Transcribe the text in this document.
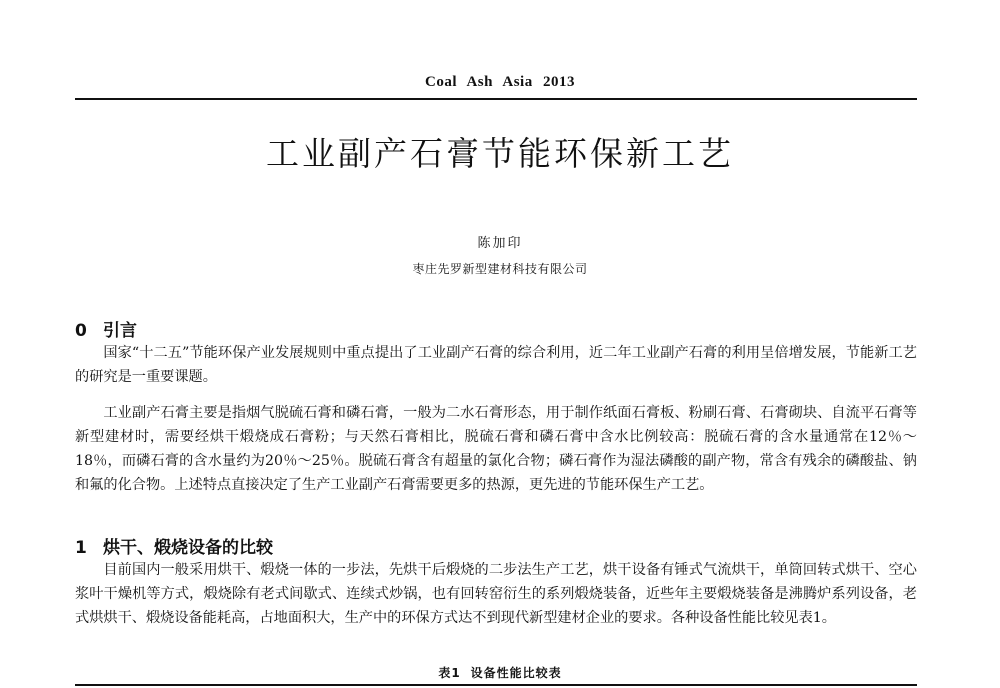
Coal Ash Asia 2013
工业副产石膏节能环保新工艺
陈加印
枣庄先罗新型建材科技有限公司
0 引言

国家“十二五”节能环保产业发展规则中重点提出了工业副产石膏的综合利用，近二年工业副产石膏的利用呈倍增发展，节能新工艺的研究是一重要课题。

工业副产石膏主要是指烟气脱硫石膏和磷石膏，一般为二水石膏形态，用于制作纸面石膏板、粉刷石膏、石膏砌块、自流平石膏等新型建材时，需要经烘干煅烧成石膏粉；与天然石膏相比，脱硫石膏和磷石膏中含水比例较高：脱硫石膏的含水量通常在12％～18％，而磷石膏的含水量约为20％～25％。脱硫石膏含有超量的氯化合物；磷石膏作为湿法磷酸的副产物，常含有残余的磷酸盐、钠和氟的化合物。上述特点直接决定了生产工业副产石膏需要更多的热源，更先进的节能环保生产工艺。

1 烘干、煅烧设备的比较

目前国内一般采用烘干、煅烧一体的一步法，先烘干后煅烧的二步法生产工艺，烘干设备有锤式气流烘干，单筒回转式烘干、空心浆叶干燥机等方式，煅烧除有老式间歇式、连续式炒锅，也有回转窑衍生的系列煅烧装备，近些年主要煅烧装备是沸腾炉系列设备，老式烘烘干、煅烧设备能耗高，占地面积大，生产中的环保方式达不到现代新型建材企业的要求。各种设备性能比较见表1。

表1 设备性能比较表
